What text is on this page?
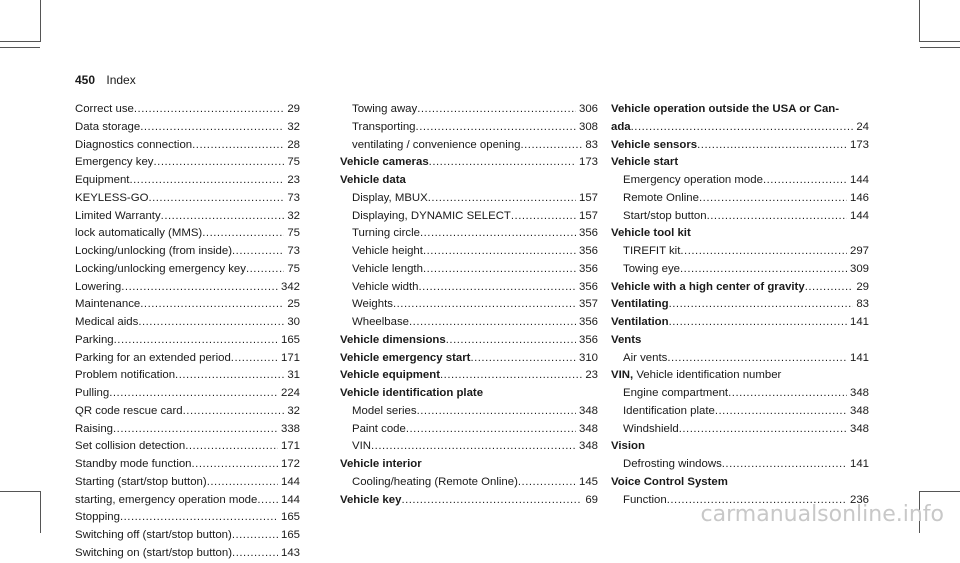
450 Index
Correct use .....	29
Data storage .....	32
Diagnostics connection .....	28
Emergency key .....	75
Equipment .....	23
KEYLESS-GO .....	73
Limited Warranty .....	32
lock automatically (MMS) .....	75
Locking/unlocking (from inside) .....	73
Locking/unlocking emergency key .....	75
Lowering .....	342
Maintenance .....	25
Medical aids .....	30
Parking .....	165
Parking for an extended period .....	171
Problem notification .....	31
Pulling .....	224
QR code rescue card .....	32
Raising .....	338
Set collision detection .....	171
Standby mode function .....	172
Starting (start/stop button) .....	144
starting, emergency operation mode ..... 144
Stopping .....	165
Switching off (start/stop button) .....	165
Switching on (start/stop button) .....	143
Towing away .....	306
Transporting .....	308
ventilating / convenience opening .....	83
Vehicle cameras .....	173
Vehicle data
Display, MBUX .....	157
Displaying, DYNAMIC SELECT .....	157
Turning circle .....	356
Vehicle height .....	356
Vehicle length .....	356
Vehicle width .....	356
Weights .....	357
Wheelbase .....	356
Vehicle dimensions .....	356
Vehicle emergency start .....	310
Vehicle equipment .....	23
Vehicle identification plate
Model series .....	348
Paint code .....	348
VIN .....	348
Vehicle interior
Cooling/heating (Remote Online) .....	145
Vehicle key .....	69
Vehicle operation outside the USA or Can-
ada .....	24
Vehicle sensors .....	173
Vehicle start
Emergency operation mode .....	144
Remote Online .....	146
Start/stop button .....	144
Vehicle tool kit
TIREFIT kit .....	297
Towing eye .....	309
Vehicle with a high center of gravity .....	29
Ventilating .....	83
Ventilation .....	141
Vents
Air vents .....	141
VIN, Vehicle identification number
Engine compartment .....	348
Identification plate .....	348
Windshield .....	348
Vision
Defrosting windows .....	141
Voice Control System
Function .....	236
carmanualsonline.info
